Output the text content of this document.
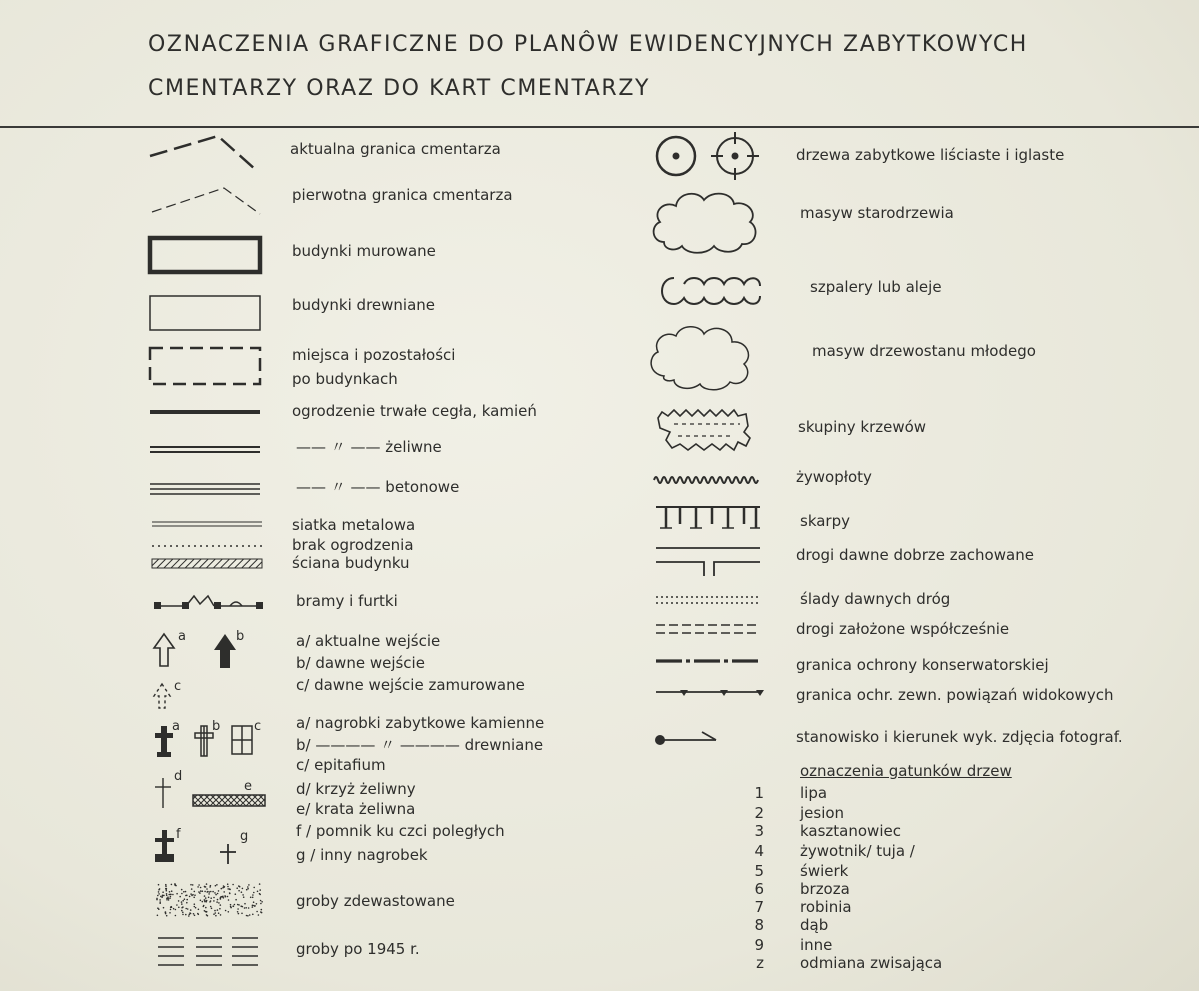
OZNACZENIA GRAFICZNE DO PLANÔW EWIDENCYJNYCH ZABYTKOWYCH
CMENTARZY ORAZ DO KART CMENTARZY
a	b
c
a b	c
d
e
f	g
aktualna granica cmentarza
pierwotna granica cmentarza
budynki murowane
budynki drewniane
miejsca i pozostałości
po budynkach
ogrodzenie trwałe cegła, kamień
—— 〃 —— żeliwne
—— 〃 —— betonowe
siatka metalowa
brak ogrodzenia
ściana budynku
bramy i furtki
a/ aktualne wejście
b/ dawne wejście
c/ dawne wejście zamurowane
a/ nagrobki zabytkowe kamienne
b/ ———— 〃 ———— drewniane
c/ epitafium
d/ krzyż żeliwny
e/ krata żeliwna
f / pomnik ku czci poległych
g / inny nagrobek
groby zdewastowane
groby po 1945 r.
drzewa zabytkowe liściaste i iglaste
masyw starodrzewia
szpalery lub aleje
masyw drzewostanu młodego
skupiny krzewów
żywopłoty
skarpy
drogi dawne dobrze zachowane
ślady dawnych dróg
drogi założone współcześnie
granica ochrony konserwatorskiej
granica ochr. zewn. powiązań widokowych
stanowisko i kierunek wyk. zdjęcia fotograf.
oznaczenia gatunków drzew
1 lipa
2 jesion
3 kasztanowiec
4 żywotnik/ tuja /
5 świerk
6 brzoza
7 robinia
8 dąb
9 inne
z odmiana zwisająca
